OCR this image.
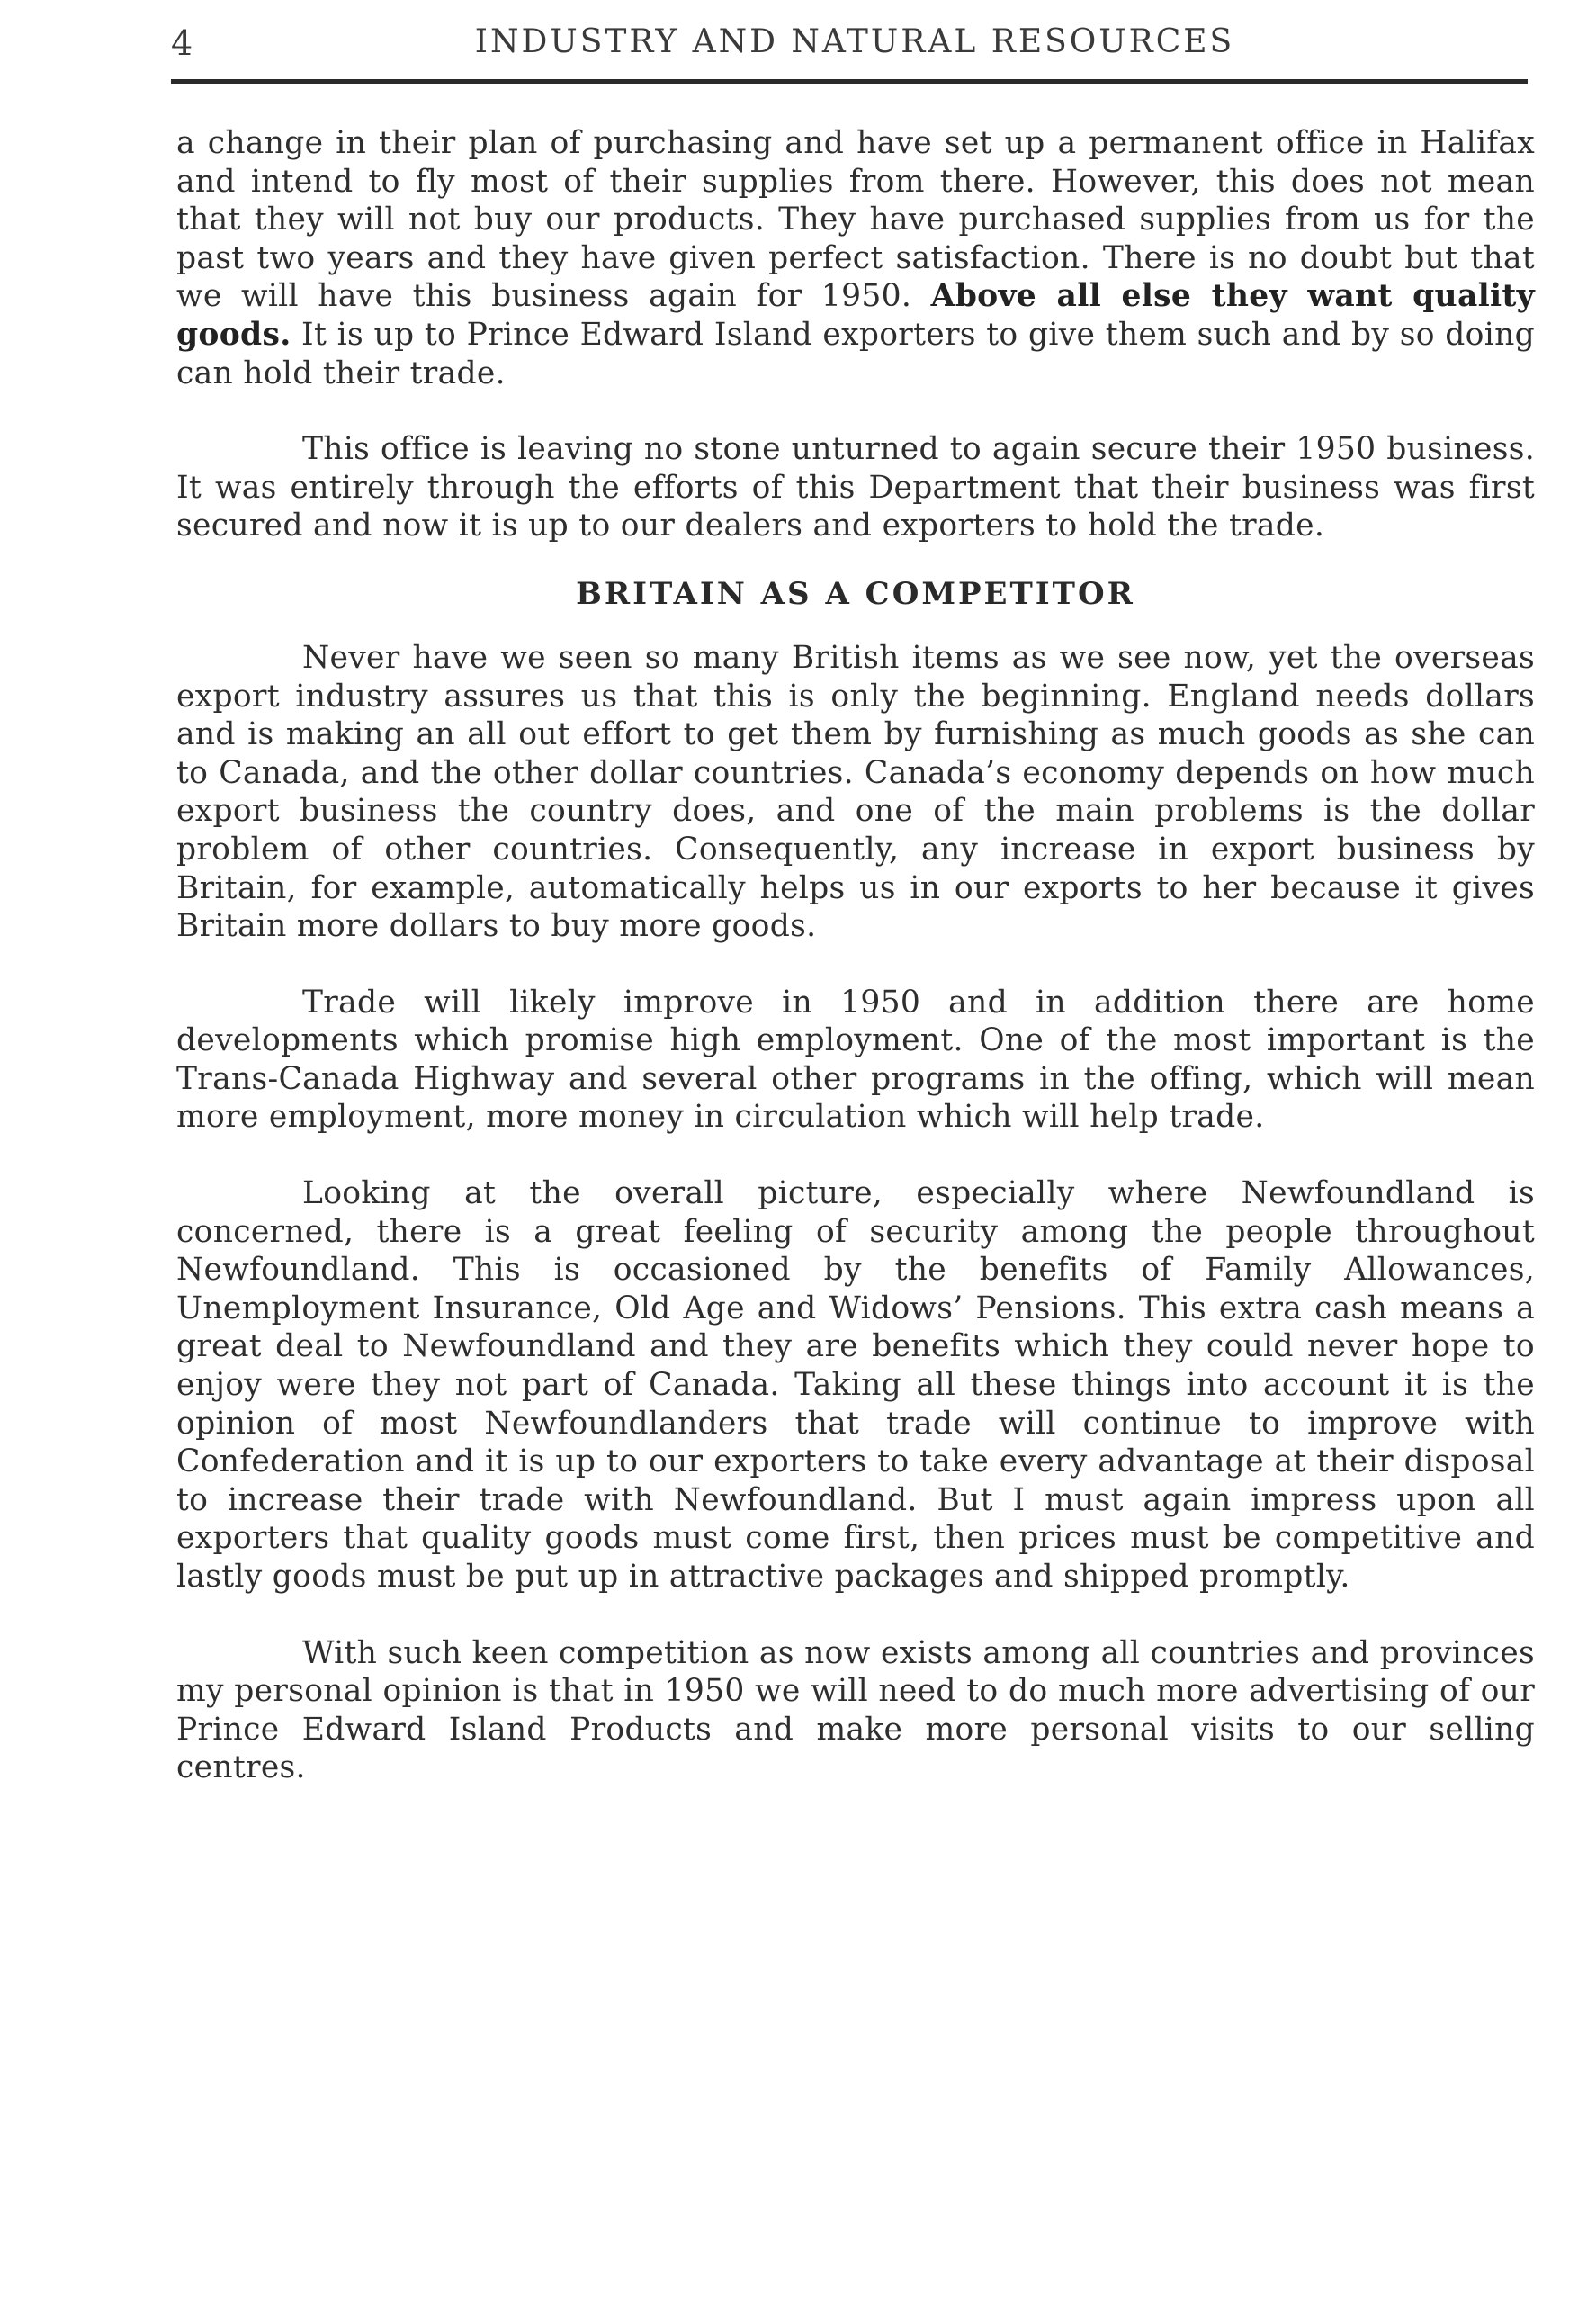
4	INDUSTRY AND NATURAL RESOURCES

a change in their plan of purchasing and have set up a permanent office in Halifax and intend to fly most of their supplies from there. However, this does not mean that they will not buy our products. They have purchased supplies from us for the past two years and they have given perfect satisfaction. There is no doubt but that we will have this business again for 1950. Above all else they want quality goods. It is up to Prince Edward Island exporters to give them such and by so doing can hold their trade.

This office is leaving no stone unturned to again secure their 1950 business. It was entirely through the efforts of this Department that their business was first secured and now it is up to our dealers and exporters to hold the trade.

BRITAIN AS A COMPETITOR

Never have we seen so many British items as we see now, yet the overseas export industry assures us that this is only the beginning. England needs dollars and is making an all out effort to get them by furnishing as much goods as she can to Canada, and the other dollar countries. Canada’s economy depends on how much export business the country does, and one of the main problems is the dollar problem of other countries. Consequently, any increase in export business by Britain, for example, automatically helps us in our exports to her because it gives Britain more dollars to buy more goods.

Trade will likely improve in 1950 and in addition there are home developments which promise high employment. One of the most important is the Trans-Canada Highway and several other programs in the offing, which will mean more employment, more money in circulation which will help trade.

Looking at the overall picture, especially where Newfoundland is concerned, there is a great feeling of security among the people throughout Newfoundland. This is occasioned by the benefits of Family Allowances, Unemployment Insurance, Old Age and Widows’ Pensions. This extra cash means a great deal to Newfoundland and they are benefits which they could never hope to enjoy were they not part of Canada. Taking all these things into account it is the opinion of most Newfoundlanders that trade will continue to improve with Confederation and it is up to our exporters to take every advantage at their disposal to increase their trade with Newfoundland. But I must again impress upon all exporters that quality goods must come first, then prices must be competitive and lastly goods must be put up in attractive packages and shipped promptly.

With such keen competition as now exists among all countries and provinces my personal opinion is that in 1950 we will need to do much more advertising of our Prince Edward Island Products and make more personal visits to our selling centres.
